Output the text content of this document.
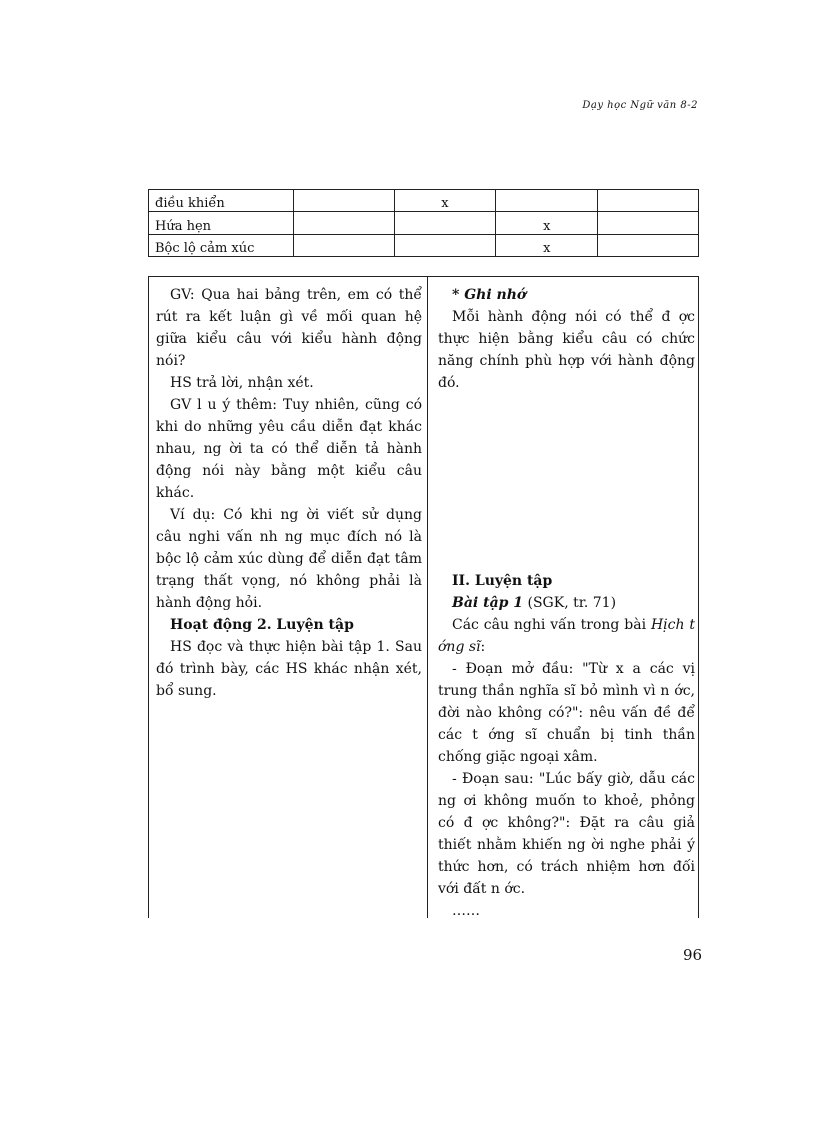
Dạy học Ngữ văn 8-2
điều khiển		x		
Hứa hẹn			x	
Bộc lộ cảm xúc			x	

GV: Qua hai bảng trên, em có thể rút ra kết luận gì về mối quan hệ giữa kiểu câu với kiểu hành động nói?

HS trả lời, nhận xét.

GV l u ý thêm: Tuy nhiên, cũng có khi do những yêu cầu diễn đạt khác nhau, ng ời ta có thể diễn tả hành động nói này bằng một kiểu câu khác.

Ví dụ: Có khi ng ời viết sử dụng câu nghi vấn nh ng mục đích nó là bộc lộ cảm xúc dùng để diễn đạt tâm trạng thất vọng, nó không phải là hành động hỏi.

Hoạt động 2. Luyện tập

HS đọc và thực hiện bài tập 1. Sau đó trình bày, các HS khác nhận xét, bổ sung.

* Ghi nhớ

Mỗi hành động nói có thể đ ợc thực hiện bằng kiểu câu có chức năng chính phù hợp với hành động đó.

II. Luyện tập

Bài tập 1 (SGK, tr. 71)

Các câu nghi vấn trong bài Hịch t ớng sĩ:

- Đoạn mở đầu: "Từ x a các vị trung thần nghĩa sĩ bỏ mình vì n ớc, đời nào không có?": nêu vấn đề để các t ớng sĩ chuẩn bị tinh thần chống giặc ngoại xâm.

- Đoạn sau: "Lúc bấy giờ, dẫu các ng ơi không muốn to khoẻ, phỏng có đ ợc không?": Đặt ra câu giả thiết nhằm khiến ng ời nghe phải ý thức hơn, có trách nhiệm hơn đối với đất n ớc.

……

96
